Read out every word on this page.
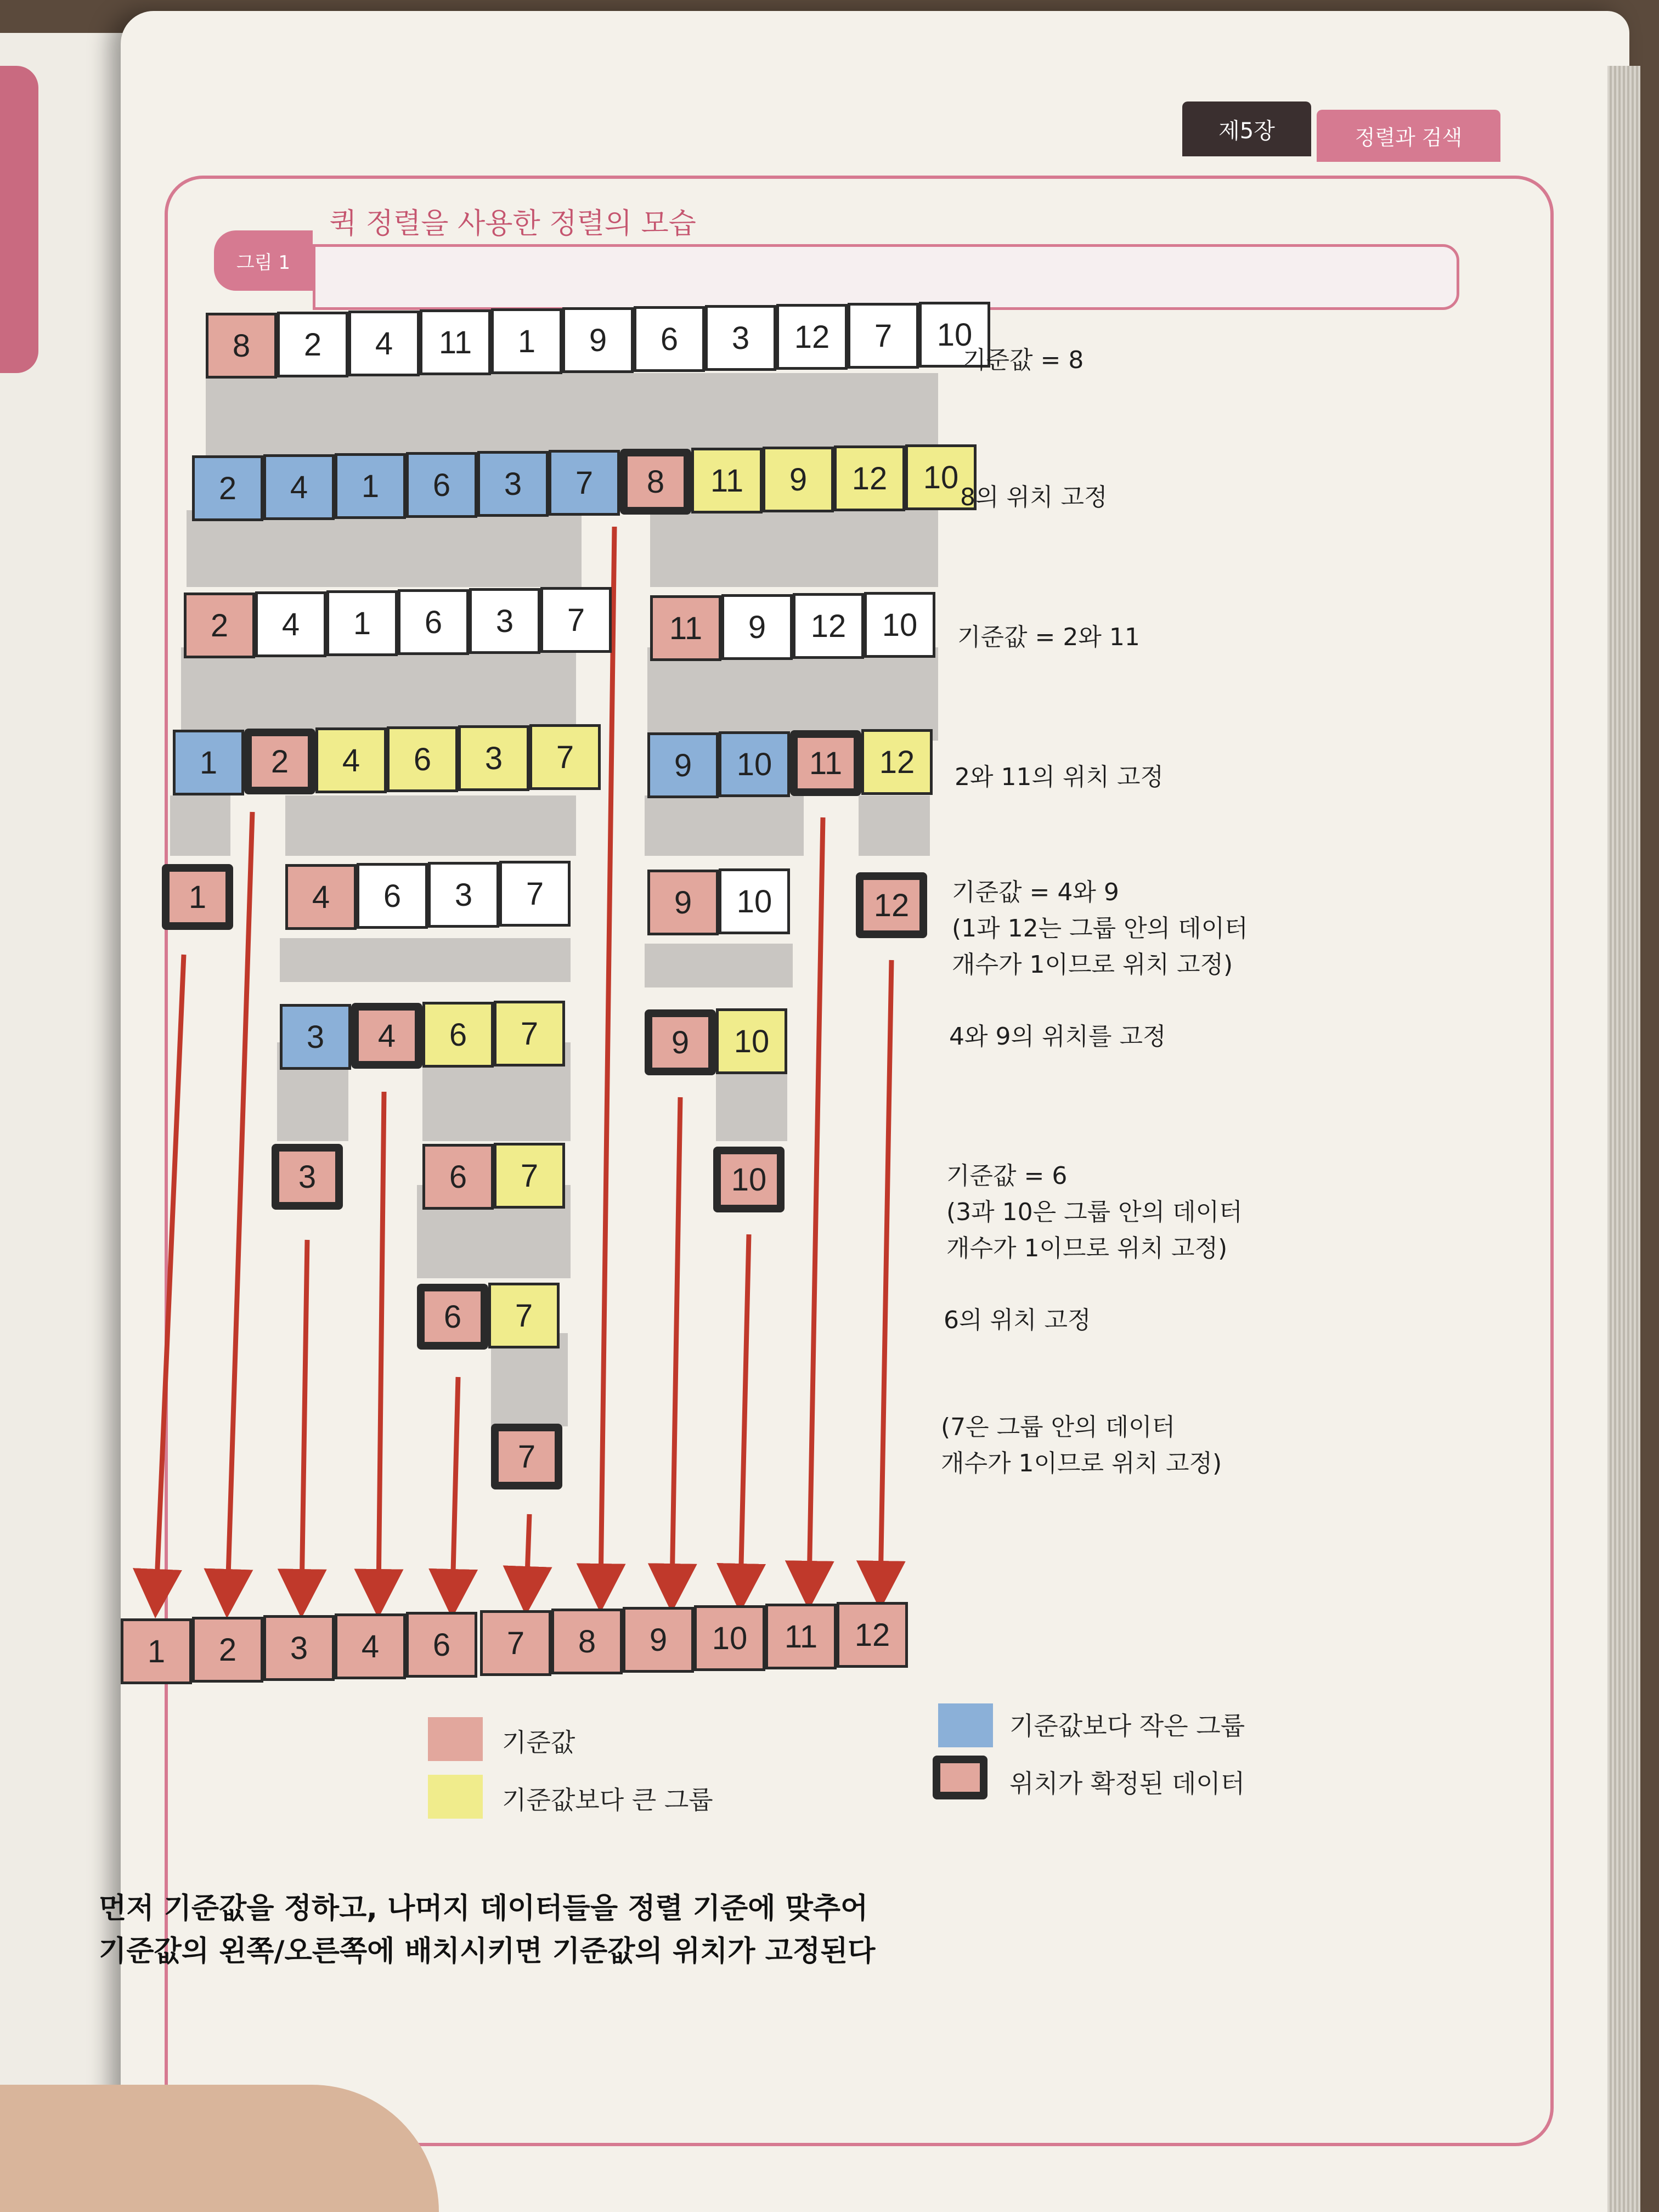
제5장	정렬과 검색
그림 1
퀵 정렬을 사용한 정렬의 모습
8	2	4	11	1	9	6	3	12	7	10
2	4	1	6	3	7	8	11	9	12	10
2	4	1	6	3	7	11	9	12	10
1	2	4	6	3	7	9	10	11	12
1	4	6	3	7	9	10	12
3	4	6	7	9	10
3	6	7	10
6	7
7
1	2	3	4	6	7	8	9	10	11	12
기준값 = 8
8의 위치 고정
기준값 = 2와 11
2와 11의 위치 고정
기준값 = 4와 9
(1과 12는 그룹 안의 데이터
개수가 1이므로 위치 고정)
4와 9의 위치를 고정
기준값 = 6
(3과 10은 그룹 안의 데이터
개수가 1이므로 위치 고정)
6의 위치 고정
(7은 그룹 안의 데이터
개수가 1이므로 위치 고정)
기준값
기준값보다 큰 그룹
기준값보다 작은 그룹
위치가 확정된 데이터
먼저 기준값을 정하고, 나머지 데이터들을 정렬 기준에 맞추어
기준값의 왼쪽/오른쪽에 배치시키면 기준값의 위치가 고정된다
